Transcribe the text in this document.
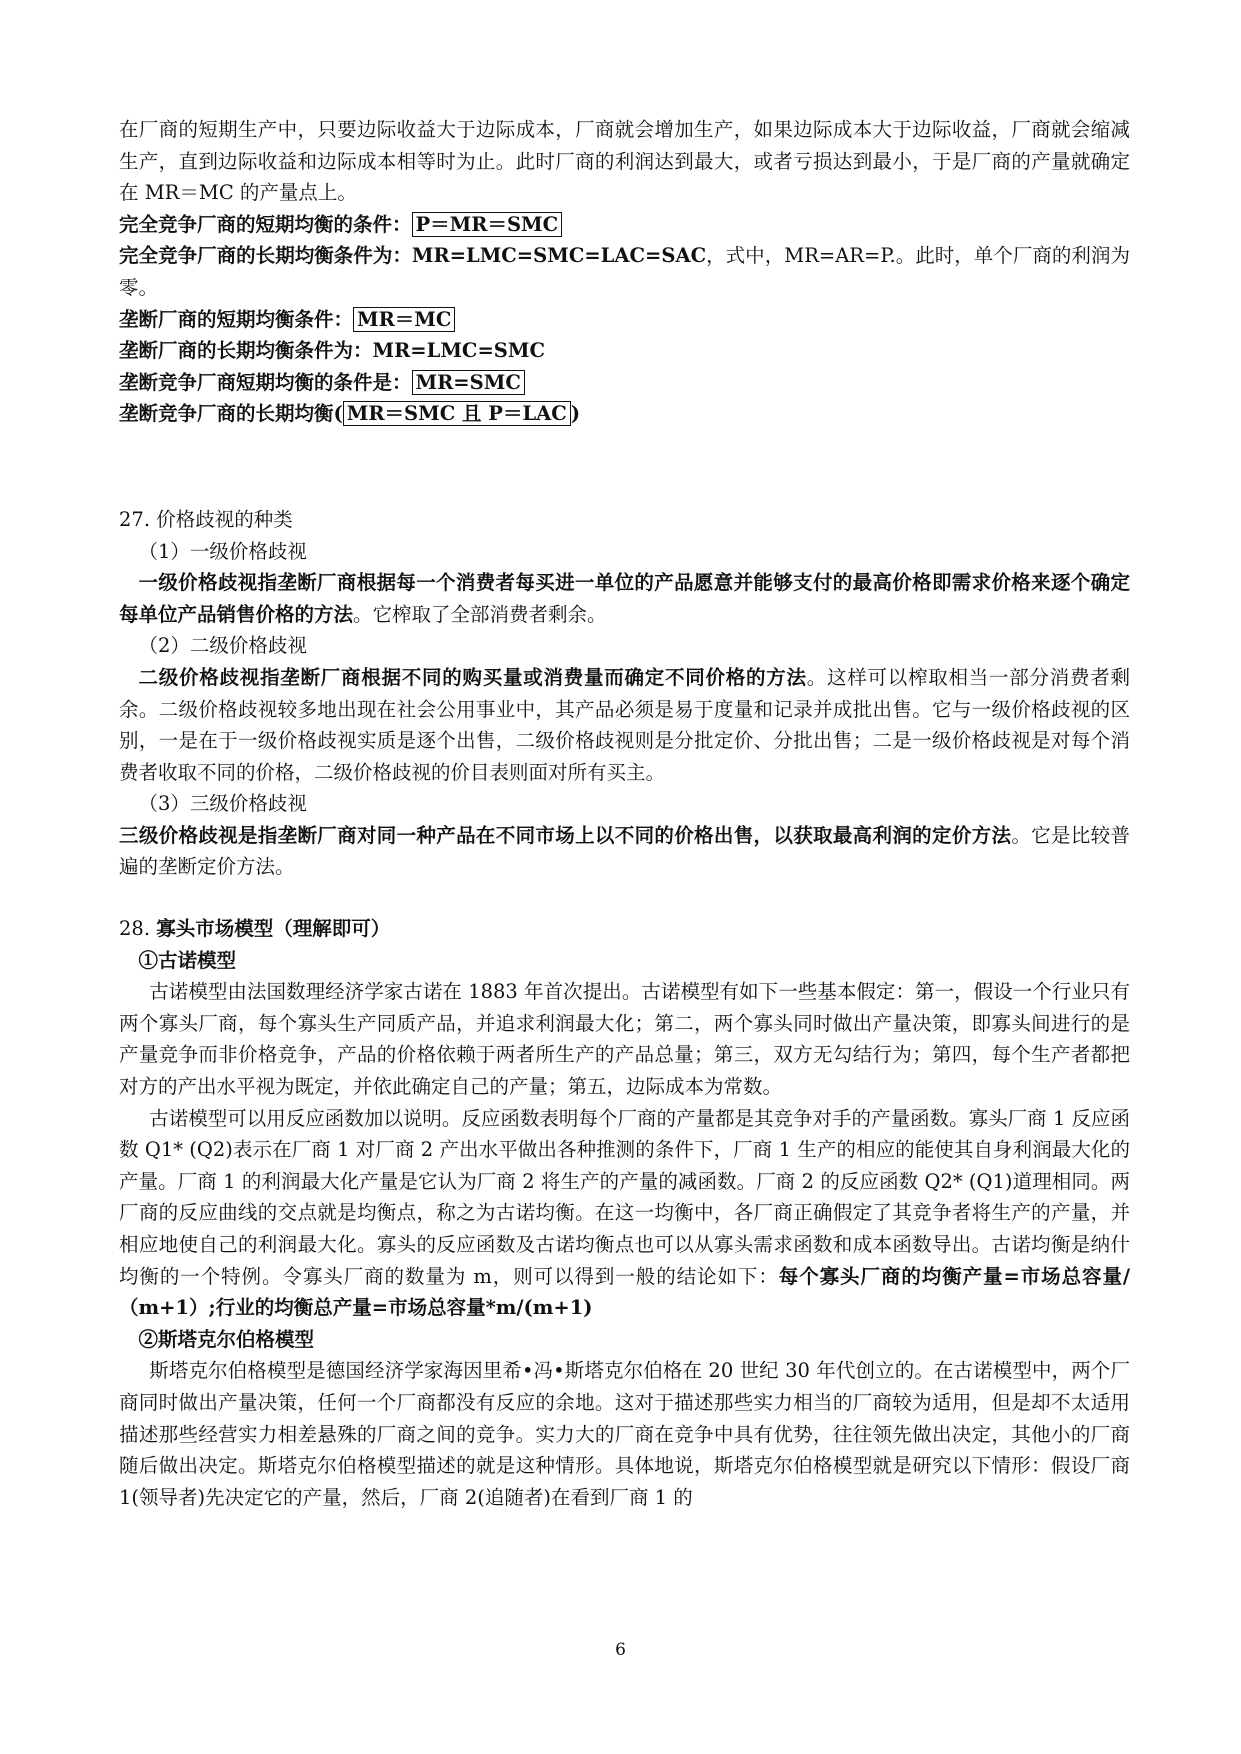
在厂商的短期生产中，只要边际收益大于边际成本，厂商就会增加生产，如果边际成本大于边际收益，厂商就会缩减生产，直到边际收益和边际成本相等时为止。此时厂商的利润达到最大，或者亏损达到最小，于是厂商的产量就确定在 MR＝MC 的产量点上。

完全竞争厂商的短期均衡的条件： P＝MR＝SMC

完全竞争厂商的长期均衡条件为：MR=LMC=SMC=LAC=SAC，式中，MR=AR=P.。此时，单个厂商的利润为零。

垄断厂商的短期均衡条件： MR＝MC

垄断厂商的长期均衡条件为：MR=LMC=SMC

垄断竞争厂商短期均衡的条件是： MR=SMC

垄断竞争厂商的长期均衡( MR＝SMC 且 P＝LAC )

27. 价格歧视的种类

（1）一级价格歧视

一级价格歧视指垄断厂商根据每一个消费者每买进一单位的产品愿意并能够支付的最高价格即需求价格来逐个确定每单位产品销售价格的方法。它榨取了全部消费者剩余。

（2）二级价格歧视

二级价格歧视指垄断厂商根据不同的购买量或消费量而确定不同价格的方法。这样可以榨取相当一部分消费者剩余。二级价格歧视较多地出现在社会公用事业中，其产品必须是易于度量和记录并成批出售。它与一级价格歧视的区别，一是在于一级价格歧视实质是逐个出售，二级价格歧视则是分批定价、分批出售；二是一级价格歧视是对每个消费者收取不同的价格，二级价格歧视的价目表则面对所有买主。

（3）三级价格歧视

三级价格歧视是指垄断厂商对同一种产品在不同市场上以不同的价格出售，以获取最高利润的定价方法。它是比较普遍的垄断定价方法。

28. 寡头市场模型（理解即可）

①古诺模型

古诺模型由法国数理经济学家古诺在 1883 年首次提出。古诺模型有如下一些基本假定：第一，假设一个行业只有两个寡头厂商，每个寡头生产同质产品，并追求利润最大化；第二，两个寡头同时做出产量决策，即寡头间进行的是产量竞争而非价格竞争，产品的价格依赖于两者所生产的产品总量；第三，双方无勾结行为；第四，每个生产者都把对方的产出水平视为既定，并依此确定自己的产量；第五，边际成本为常数。

古诺模型可以用反应函数加以说明。反应函数表明每个厂商的产量都是其竞争对手的产量函数。寡头厂商 1 反应函数 Q1* (Q2)表示在厂商 1 对厂商 2 产出水平做出各种推测的条件下，厂商 1 生产的相应的能使其自身利润最大化的产量。厂商 1 的利润最大化产量是它认为厂商 2 将生产的产量的减函数。厂商 2 的反应函数 Q2* (Q1)道理相同。两厂商的反应曲线的交点就是均衡点，称之为古诺均衡。在这一均衡中，各厂商正确假定了其竞争者将生产的产量，并相应地使自己的利润最大化。寡头的反应函数及古诺均衡点也可以从寡头需求函数和成本函数导出。古诺均衡是纳什均衡的一个特例。令寡头厂商的数量为 m，则可以得到一般的结论如下：每个寡头厂商的均衡产量=市场总容量/（m+1）;行业的均衡总产量=市场总容量*m/(m+1)

②斯塔克尔伯格模型

斯塔克尔伯格模型是德国经济学家海因里希•冯•斯塔克尔伯格在 20 世纪 30 年代创立的。在古诺模型中，两个厂商同时做出产量决策，任何一个厂商都没有反应的余地。这对于描述那些实力相当的厂商较为适用，但是却不太适用描述那些经营实力相差悬殊的厂商之间的竞争。实力大的厂商在竞争中具有优势，往往领先做出决定，其他小的厂商随后做出决定。斯塔克尔伯格模型描述的就是这种情形。具体地说，斯塔克尔伯格模型就是研究以下情形：假设厂商 1(领导者)先决定它的产量，然后，厂商 2(追随者)在看到厂商 1 的

6
